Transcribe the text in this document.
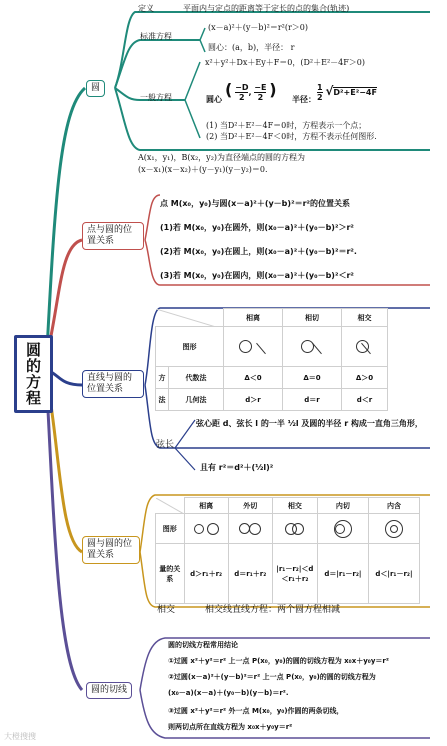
圆的方程
圆
定义	平面内与定点的距离等于定长的点的集合(轨迹)
标准方程
(x－a)²＋(y－b)²＝r²(r＞0)
圆心：(a，b)，半径： r
一般方程
x²＋y²＋Dx＋Ey＋F＝0，(D²＋E²－4F＞0)
圆心
( $\frac{-D}{2}$ , $\frac{-E}{2}$ )
半径： $\frac{1}{2} √D^2+E^2-4F$
(1) 当D²＋E²－4F＝0时，方程表示一个点；
(2) 当D²＋E²－4F＜0时，方程不表示任何图形.
A(x₁，y₁)，B(x₂，y₂)为直径端点的圆的方程为
(x－x₁)(x－x₂)＋(y－y₁)(y－y₂)＝0.
点与圆的位置关系
点 M(x₀，y₀)与圆(x－a)²＋(y－b)²＝r²的位置关系
(1)若 M(x₀，y₀)在圆外，则(x₀－a)²＋(y₀－b)²＞r²
(2)若 M(x₀，y₀)在圆上，则(x₀－a)²＋(y₀－b)²＝r².
(3)若 M(x₀，y₀)在圆内，则(x₀－a)²＋(y₀－b)²＜r²
直线与圆的位置关系
	相离	相切	相交
图形				
方	代数法	Δ＜0	Δ＝0	Δ＞0
法	几何法	d＞r	d＝r	d＜r
弦长
弦心距 d、弦长 l 的一半 ½l 及圆的半径 r 构成一直角三角形，
且有 r²＝d²＋(½l)²
圆与圆的位置关系
	相离	外切	相交	内切	内含
图形				

量的关系	d＞r₁＋r₂	d＝r₁＋r₂	|r₁－r₂|＜d＜r₁＋r₂	d＝|r₁－r₂|	d＜|r₁－r₂|
相交	相交线直线方程：两个圆方程相减
圆的切线
圆的切线方程常用结论
①过圆 x²＋y²＝r² 上一点 P(x₀，y₀)的圆的切线方程为 x₀x＋y₀y＝r²
②过圆(x－a)²＋(y－b)²＝r² 上一点 P(x₀，y₀)的圆的切线方程为
(x₀－a)(x－a)＋(y₀－b)(y－b)＝r².
③过圆 x²＋y²＝r² 外一点 M(x₀，y₀)作圆的两条切线，
则两切点所在直线方程为 x₀x＋y₀y＝r²
大橙搜搜
